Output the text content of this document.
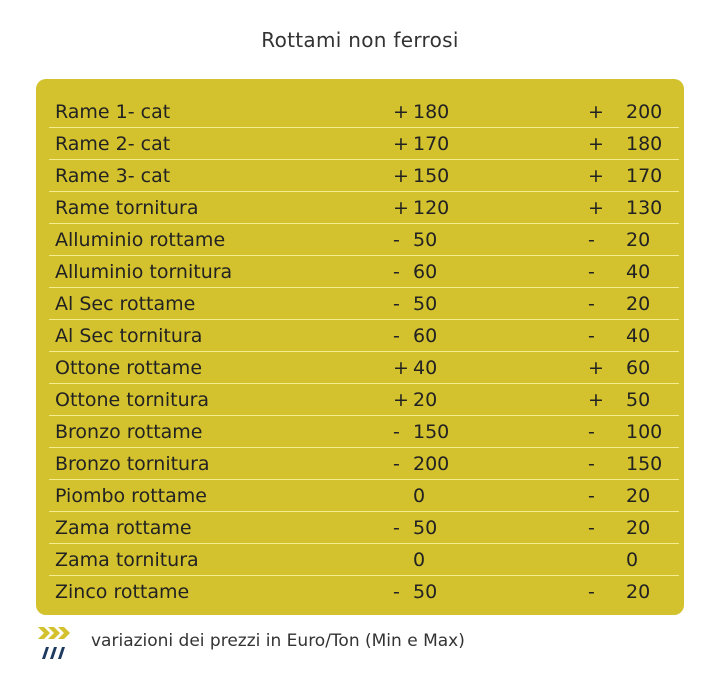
Rottami non ferrosi
Rame 1- cat	+	180	+	200
Rame 2- cat	+	170	+	180
Rame 3- cat	+	150	+	170
Rame tornitura	+	120	+	130
Alluminio rottame	-	50	-	20
Alluminio tornitura	-	60	-	40
Al Sec rottame	-	50	-	20
Al Sec tornitura	-	60	-	40
Ottone rottame	+	40	+	60
Ottone tornitura	+	20	+	50
Bronzo rottame	-	150	-	100
Bronzo tornitura	-	200	-	150
Piombo rottame		0	-	20
Zama rottame	-	50	-	20
Zama tornitura		0		0
Zinco rottame	-	50	-	20
variazioni dei prezzi in Euro/Ton (Min e Max)
